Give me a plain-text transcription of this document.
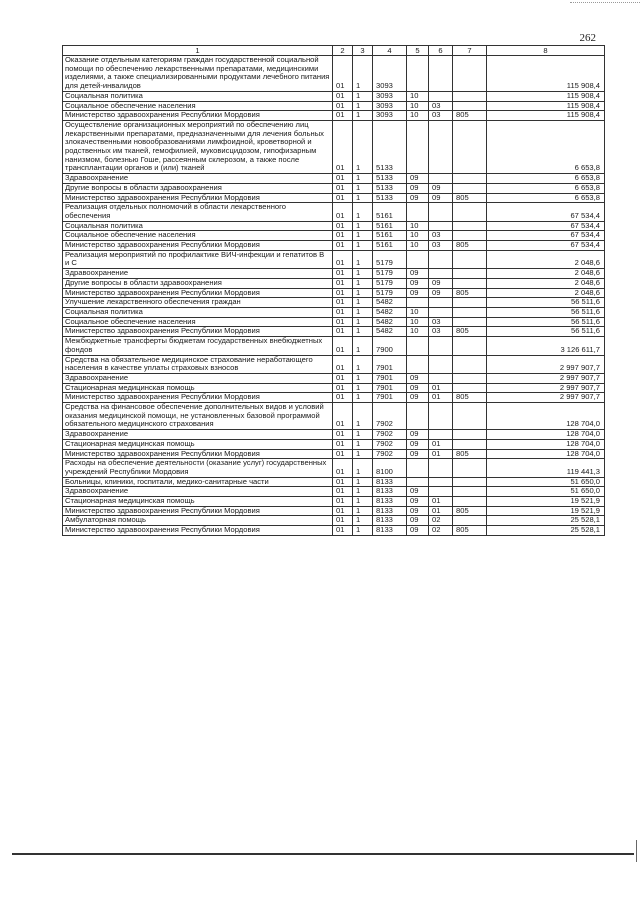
262
1	2	3	4	5	6	7	8
Оказание отдельным категориям граждан государственной социальной помощи по обеспечению лекарственными препаратами, медицинскими изделиями, а также специализированными продуктами лечебного питания для детей-инвалидов	01	1	3093				115 908,4
Социальная политика	01	1	3093	10			115 908,4
Социальное обеспечение населения	01	1	3093	10	03		115 908,4
Министерство здравоохранения Республики Мордовия	01	1	3093	10	03	805	115 908,4
Осуществление организационных мероприятий по обеспечению лиц лекарственными препаратами, предназначенными для лечения больных злокачественными новообразованиями лимфоидной, кроветворной и родственных им тканей, гемофилией, муковисцидозом, гипофизарным нанизмом, болезнью Гоше, рассеянным склерозом, а также после трансплантации органов и (или) тканей	01	1	5133				6 653,8
Здравоохранение	01	1	5133	09			6 653,8
Другие вопросы в области здравоохранения	01	1	5133	09	09		6 653,8
Министерство здравоохранения Республики Мордовия	01	1	5133	09	09	805	6 653,8
Реализация отдельных полномочий в области лекарственного обеспечения	01	1	5161				67 534,4
Социальная политика	01	1	5161	10			67 534,4
Социальное обеспечение населения	01	1	5161	10	03		67 534,4
Министерство здравоохранения Республики Мордовия	01	1	5161	10	03	805	67 534,4
Реализация мероприятий по профилактике ВИЧ-инфекции и гепатитов В и С	01	1	5179				2 048,6
Здравоохранение	01	1	5179	09			2 048,6
Другие вопросы в области здравоохранения	01	1	5179	09	09		2 048,6
Министерство здравоохранения Республики Мордовия	01	1	5179	09	09	805	2 048,6
Улучшение лекарственного обеспечения граждан	01	1	5482				56 511,6
Социальная политика	01	1	5482	10			56 511,6
Социальное обеспечение населения	01	1	5482	10	03		56 511,6
Министерство здравоохранения Республики Мордовия	01	1	5482	10	03	805	56 511,6
Межбюджетные трансферты бюджетам государственных внебюджетных фондов	01	1	7900				3 126 611,7
Средства на обязательное медицинское страхование неработающего населения в качестве уплаты страховых взносов	01	1	7901				2 997 907,7
Здравоохранение	01	1	7901	09			2 997 907,7
Стационарная медицинская помощь	01	1	7901	09	01		2 997 907,7
Министерство здравоохранения Республики Мордовия	01	1	7901	09	01	805	2 997 907,7
Средства на финансовое обеспечение дополнительных видов и условий оказания медицинской помощи, не установленных базовой программой обязательного медицинского страхования	01	1	7902				128 704,0
Здравоохранение	01	1	7902	09			128 704,0
Стационарная медицинская помощь	01	1	7902	09	01		128 704,0
Министерство здравоохранения Республики Мордовия	01	1	7902	09	01	805	128 704,0
Расходы на обеспечение деятельности (оказание услуг) государственных учреждений Республики Мордовия	01	1	8100				119 441,3
Больницы, клиники, госпитали, медико-санитарные части	01	1	8133				51 650,0
Здравоохранение	01	1	8133	09			51 650,0
Стационарная медицинская помощь	01	1	8133	09	01		19 521,9
Министерство здравоохранения Республики Мордовия	01	1	8133	09	01	805	19 521,9
Амбулаторная помощь	01	1	8133	09	02		25 528,1
Министерство здравоохранения Республики Мордовия	01	1	8133	09	02	805	25 528,1
